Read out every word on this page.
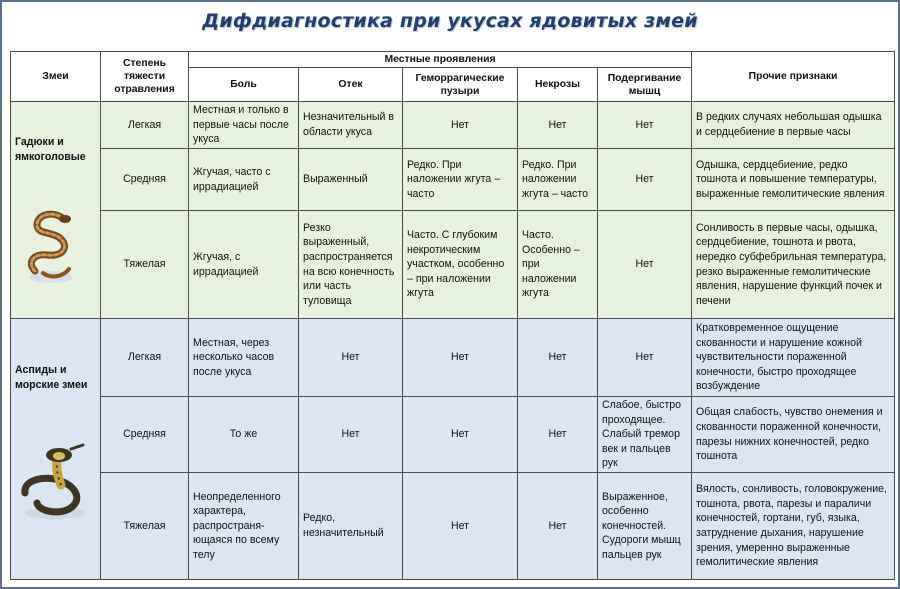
Дифдиагностика при укусах ядовитых змей
Змеи	Степень тяжести отравления	Местные проявления					Прочие признаки
		Боль	Отек	Геморрагические пузыри	Некрозы	Подергивание мышц	

Гадюки и ямкоголовые	Легкая	Местная и только в первые часы после укуса	Незначительный в области укуса	Нет	Нет	Нет	В редких случаях небольшая одышка и сердцебиение в первые часы
	Средняя	Жгучая, часто с иррадиацией	Выраженный	Редко. При наложении жгута – часто	Редко. При наложении жгута – часто	Нет	Одышка, сердцебиение, редко тошнота и повышение температуры, выраженные гемолитические явления
	Тяжелая	Жгучая, с иррадиацией	Резко выраженный, распространяется на всю конечность или часть туловища	Часто. С глубоким некротическим участком, особенно – при наложении жгута	Часто. Особенно – при наложении жгута	Нет	Сонливость в первые часы, одышка, сердцебиение, тошнота и рвота, нередко субфебрильная температура, резко выраженные гемолитические явления, нарушение функций почек и печени

Аспиды и морские змеи	Легкая	Местная, через несколько часов после укуса	Нет	Нет	Нет	Нет	Кратковременное ощущение скованности и нарушение кожной чувствительности пораженной конечности, быстро проходящее возбуждение
	Средняя	То же	Нет	Нет	Нет	Слабое, быстро проходящее. Слабый тремор век и пальцев рук	Общая слабость, чувство онемения и скованности пораженной конечности, парезы нижних конечностей, редко тошнота
	Тяжелая	Неопределенного характера, распространя-ющаяся по всему телу	Редко, незначительный	Нет	Нет	Выраженное, особенно конечностей. Судороги мышц пальцев рук	Вялость, сонливость, головокружение, тошнота, рвота, парезы и параличи конечностей, гортани, губ, языка, затруднение дыхания, нарушение зрения, умеренно выраженные гемолитические явления
